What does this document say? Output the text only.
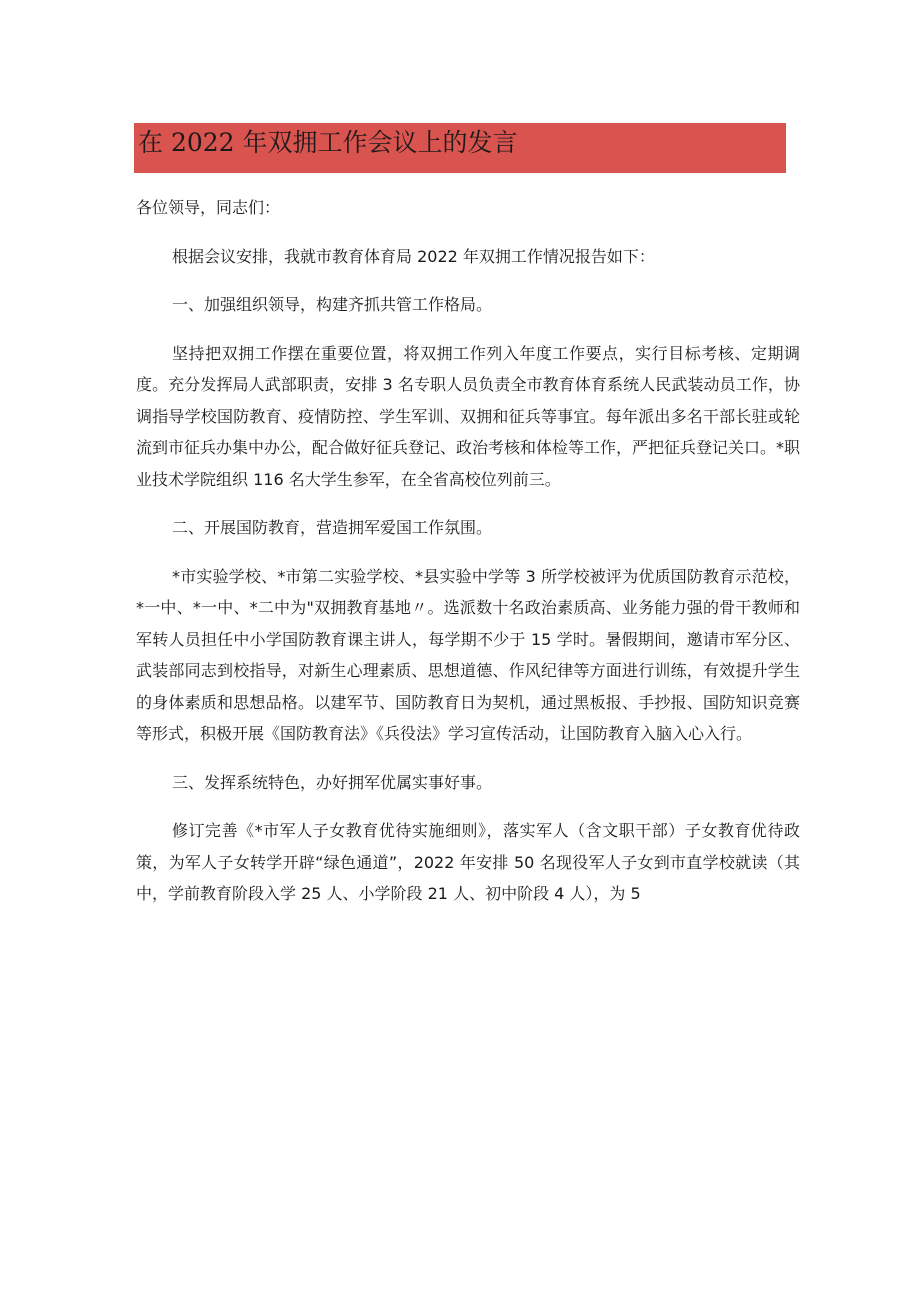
在 2022 年双拥工作会议上的发言

各位领导，同志们：

根据会议安排，我就市教育体育局 2022 年双拥工作情况报告如下：

一、加强组织领导，构建齐抓共管工作格局。

坚持把双拥工作摆在重要位置，将双拥工作列入年度工作要点，实行目标考核、定期调度。充分发挥局人武部职责，安排 3 名专职人员负责全市教育体育系统人民武装动员工作，协调指导学校国防教育、疫情防控、学生军训、双拥和征兵等事宜。每年派出多名干部长驻或轮流到市征兵办集中办公，配合做好征兵登记、政治考核和体检等工作，严把征兵登记关口。*职业技术学院组织 116 名大学生参军，在全省高校位列前三。

二、开展国防教育，营造拥军爱国工作氛围。

*市实验学校、*市第二实验学校、*县实验中学等 3 所学校被评为优质国防教育示范校，*一中、*一中、*二中为"双拥教育基地〃。选派数十名政治素质高、业务能力强的骨干教师和军转人员担任中小学国防教育课主讲人，每学期不少于 15 学时。暑假期间，邀请市军分区、武装部同志到校指导，对新生心理素质、思想道德、作风纪律等方面进行训练，有效提升学生的身体素质和思想品格。以建军节、国防教育日为契机，通过黑板报、手抄报、国防知识竞赛等形式，积极开展《国防教育法》《兵役法》学习宣传活动，让国防教育入脑入心入行。

三、发挥系统特色，办好拥军优属实事好事。

修订完善《*市军人子女教育优待实施细则》，落实军人（含文职干部）子女教育优待政策，为军人子女转学开辟“绿色通道”，2022 年安排 50 名现役军人子女到市直学校就读（其中，学前教育阶段入学 25 人、小学阶段 21 人、初中阶段 4 人），为 5
